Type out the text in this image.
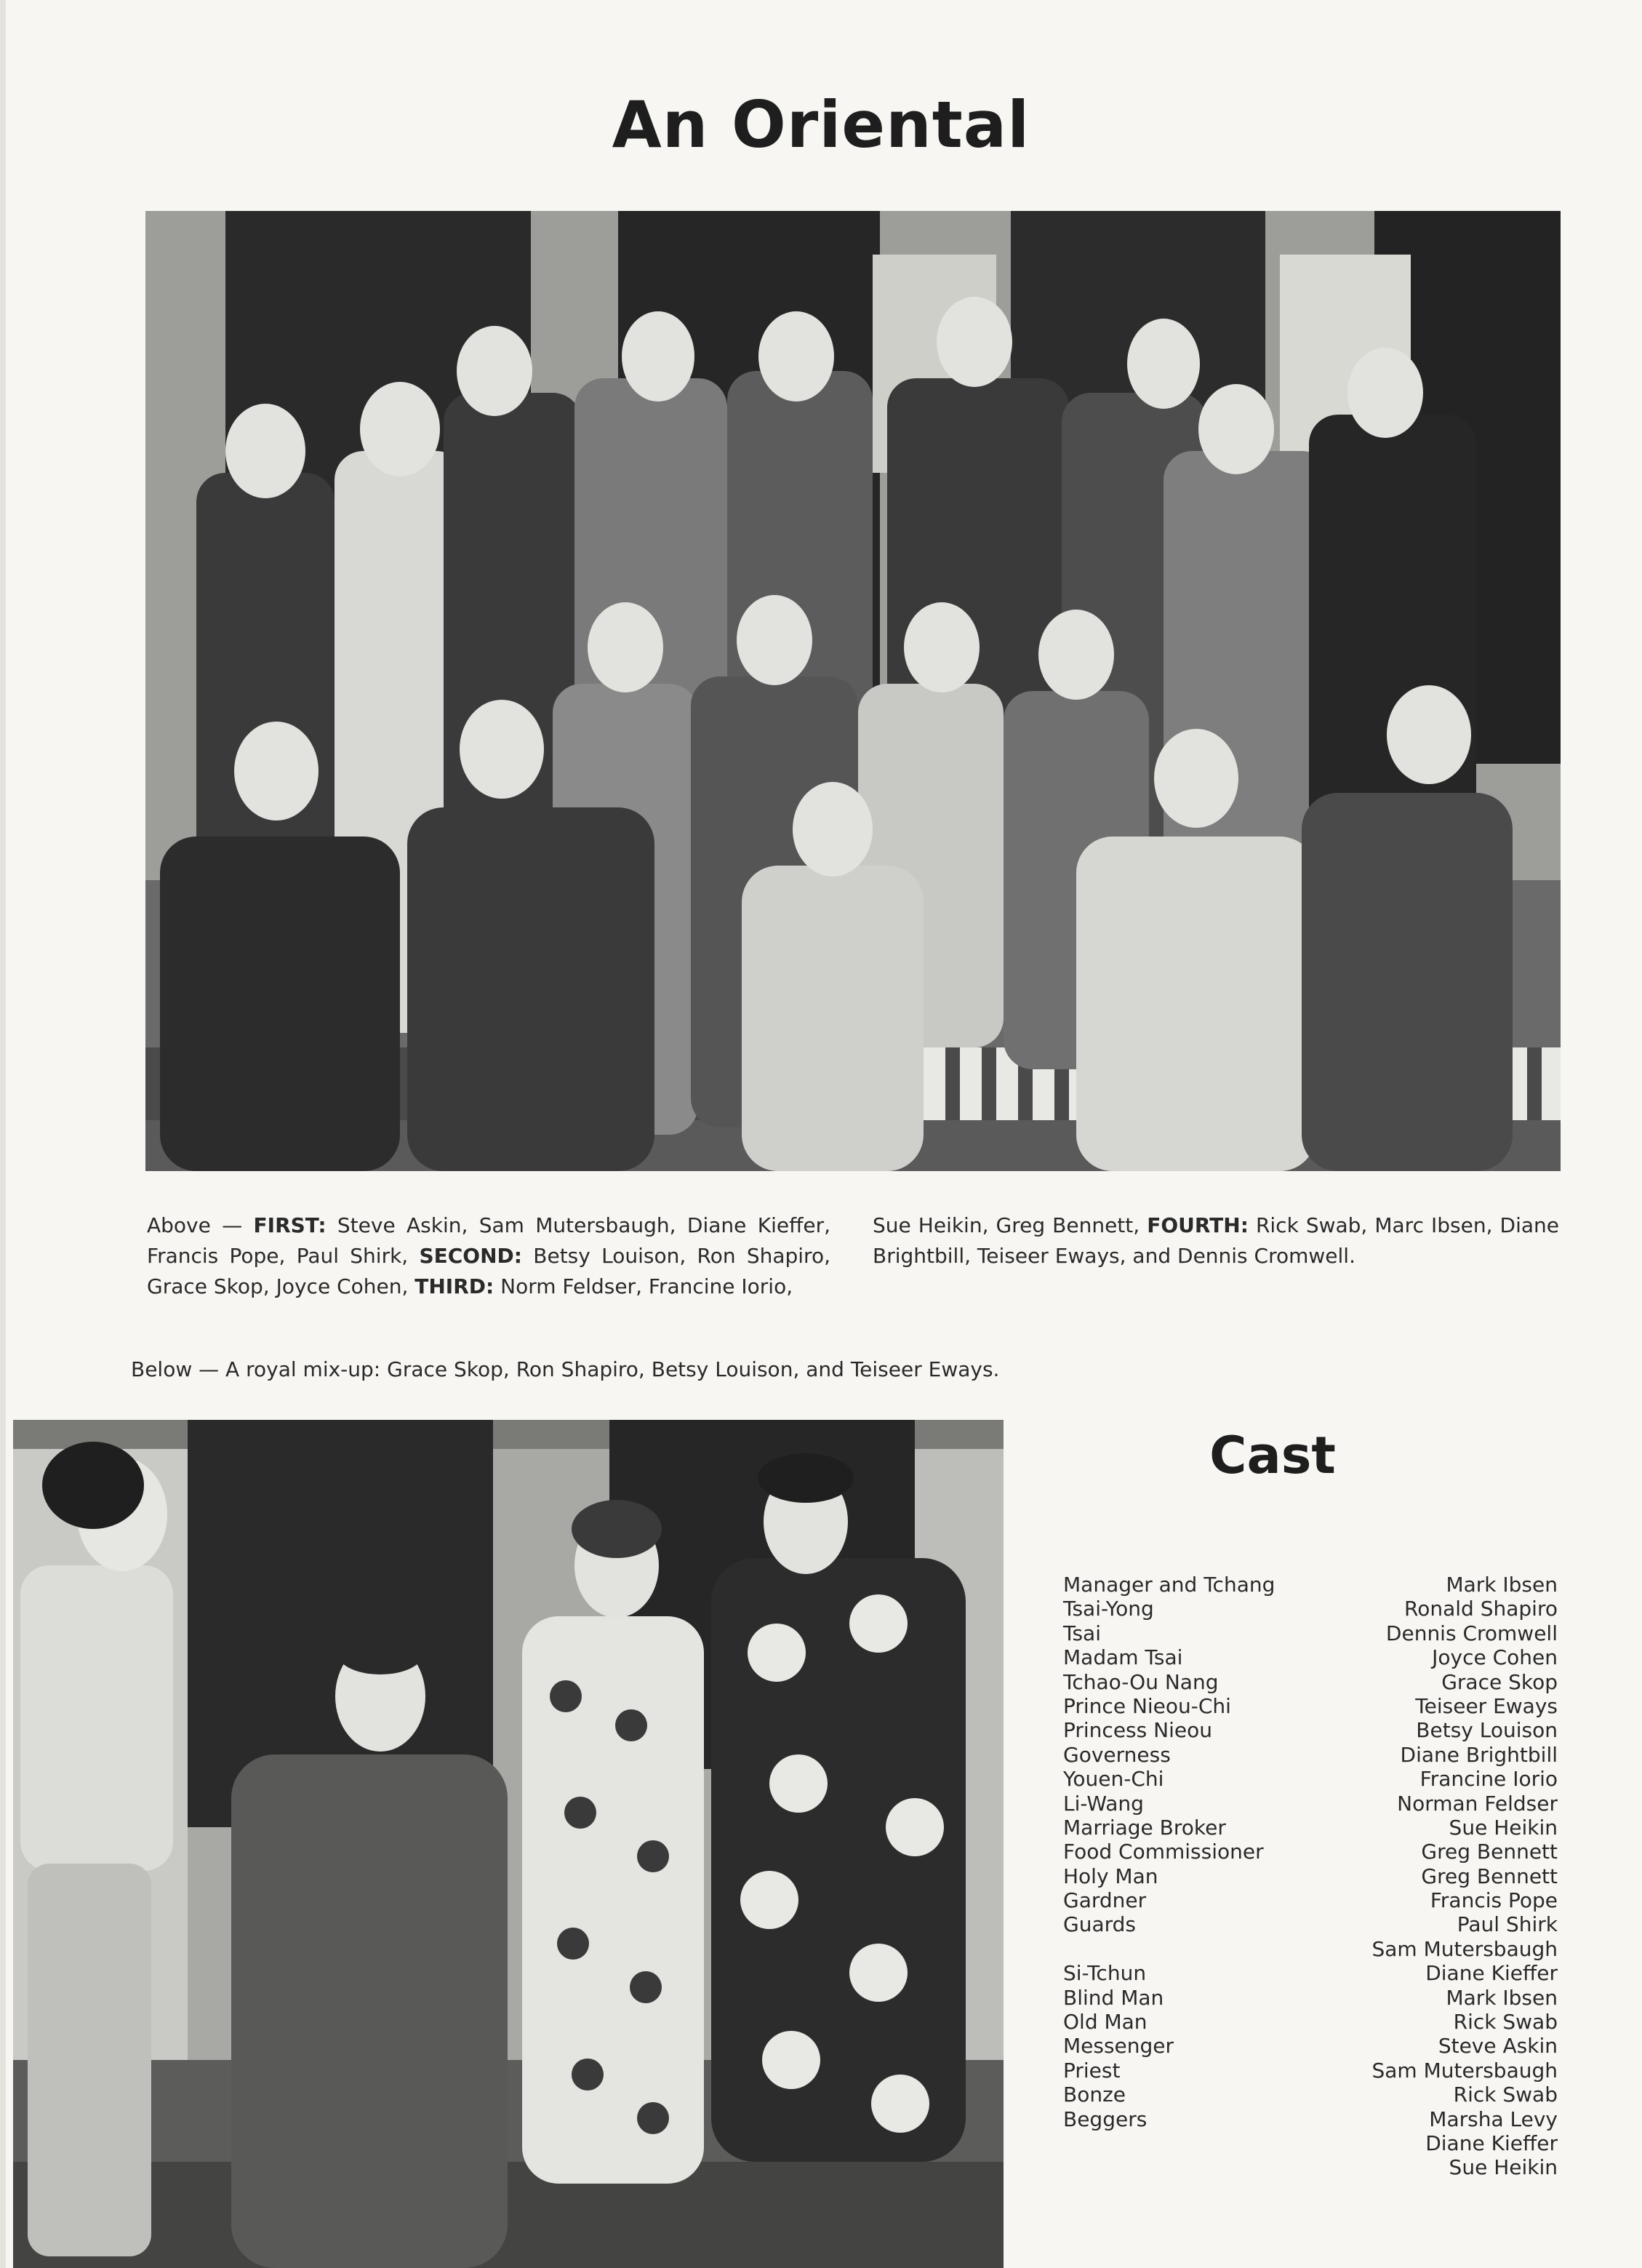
An Oriental
Above — FIRST: Steve Askin, Sam Mutersbaugh, Diane Kieffer, Francis Pope, Paul Shirk, SECOND: Betsy Louison, Ron Shapiro, Grace Skop, Joyce Cohen, THIRD: Norm Feldser, Francine Iorio,
Sue Heikin, Greg Bennett, FOURTH: Rick Swab, Marc Ibsen, Diane Brightbill, Teiseer Eways, and Dennis Cromwell.
Below — A royal mix-up: Grace Skop, Ron Shapiro, Betsy Louison, and Teiseer Eways.
Cast
Manager and Tchang	Mark Ibsen
Tsai-Yong	Ronald Shapiro
Tsai	Dennis Cromwell
Madam Tsai	Joyce Cohen
Tchao-Ou Nang	Grace Skop
Prince Nieou-Chi	Teiseer Eways
Princess Nieou	Betsy Louison
Governess	Diane Brightbill
Youen-Chi	Francine Iorio
Li-Wang	Norman Feldser
Marriage Broker	Sue Heikin
Food Commissioner	Greg Bennett
Holy Man	Greg Bennett
Gardner	Francis Pope
Guards	Paul Shirk
Sam Mutersbaugh
Si-Tchun	Diane Kieffer
Blind Man	Mark Ibsen
Old Man	Rick Swab
Messenger	Steve Askin
Priest	Sam Mutersbaugh
Bonze	Rick Swab
Beggers	Marsha Levy
Diane Kieffer
Sue Heikin
